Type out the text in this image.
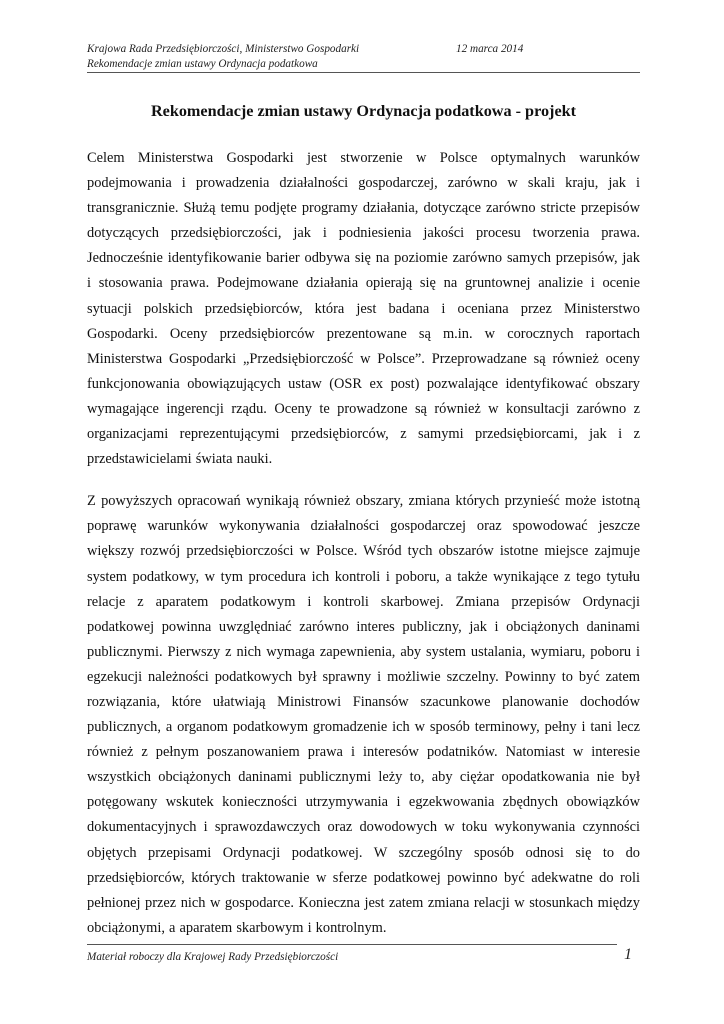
Krajowa Rada Przedsiębiorczości, Ministerstwo Gospodarki	12 marca 2014
Rekomendacje zmian ustawy Ordynacja podatkowa
Rekomendacje zmian ustawy Ordynacja podatkowa - projekt

Celem Ministerstwa Gospodarki jest stworzenie w Polsce optymalnych warunków podejmowania i prowadzenia działalności gospodarczej, zarówno w skali kraju, jak i transgranicznie. Służą temu podjęte programy działania, dotyczące zarówno stricte przepisów dotyczących przedsiębiorczości, jak i podniesienia jakości procesu tworzenia prawa. Jednocześnie identyfikowanie barier odbywa się na poziomie zarówno samych przepisów, jak i stosowania prawa. Podejmowane działania opierają się na gruntownej analizie i ocenie sytuacji polskich przedsiębiorców, która jest badana i oceniana przez Ministerstwo Gospodarki. Oceny przedsiębiorców prezentowane są m.in. w corocznych raportach Ministerstwa Gospodarki „Przedsiębiorczość w Polsce”. Przeprowadzane są również oceny funkcjonowania obowiązujących ustaw (OSR ex post) pozwalające identyfikować obszary wymagające ingerencji rządu. Oceny te prowadzone są również w konsultacji zarówno z organizacjami reprezentującymi przedsiębiorców, z samymi przedsiębiorcami, jak i z przedstawicielami świata nauki.

Z powyższych opracowań wynikają również obszary, zmiana których przynieść może istotną poprawę warunków wykonywania działalności gospodarczej oraz spowodować jeszcze większy rozwój przedsiębiorczości w Polsce. Wśród tych obszarów istotne miejsce zajmuje system podatkowy, w tym procedura ich kontroli i poboru, a także wynikające z tego tytułu relacje z aparatem podatkowym i kontroli skarbowej. Zmiana przepisów Ordynacji podatkowej powinna uwzględniać zarówno interes publiczny, jak i obciążonych daninami publicznymi. Pierwszy z nich wymaga zapewnienia, aby system ustalania, wymiaru, poboru i egzekucji należności podatkowych był sprawny i możliwie szczelny. Powinny to być zatem rozwiązania, które ułatwiają Ministrowi Finansów szacunkowe planowanie dochodów publicznych, a organom podatkowym gromadzenie ich w sposób terminowy, pełny i tani lecz również z pełnym poszanowaniem prawa i interesów podatników. Natomiast w interesie wszystkich obciążonych daninami publicznymi leży to, aby ciężar opodatkowania nie był potęgowany wskutek konieczności utrzymywania i egzekwowania zbędnych obowiązków dokumentacyjnych i sprawozdawczych oraz dowodowych w toku wykonywania czynności objętych przepisami Ordynacji podatkowej. W szczególny sposób odnosi się to do przedsiębiorców, których traktowanie w sferze podatkowej powinno być adekwatne do roli pełnionej przez nich w gospodarce. Konieczna jest zatem zmiana relacji w stosunkach między obciążonymi, a aparatem skarbowym i kontrolnym.

Materiał roboczy dla Krajowej Rady Przedsiębiorczości	1
